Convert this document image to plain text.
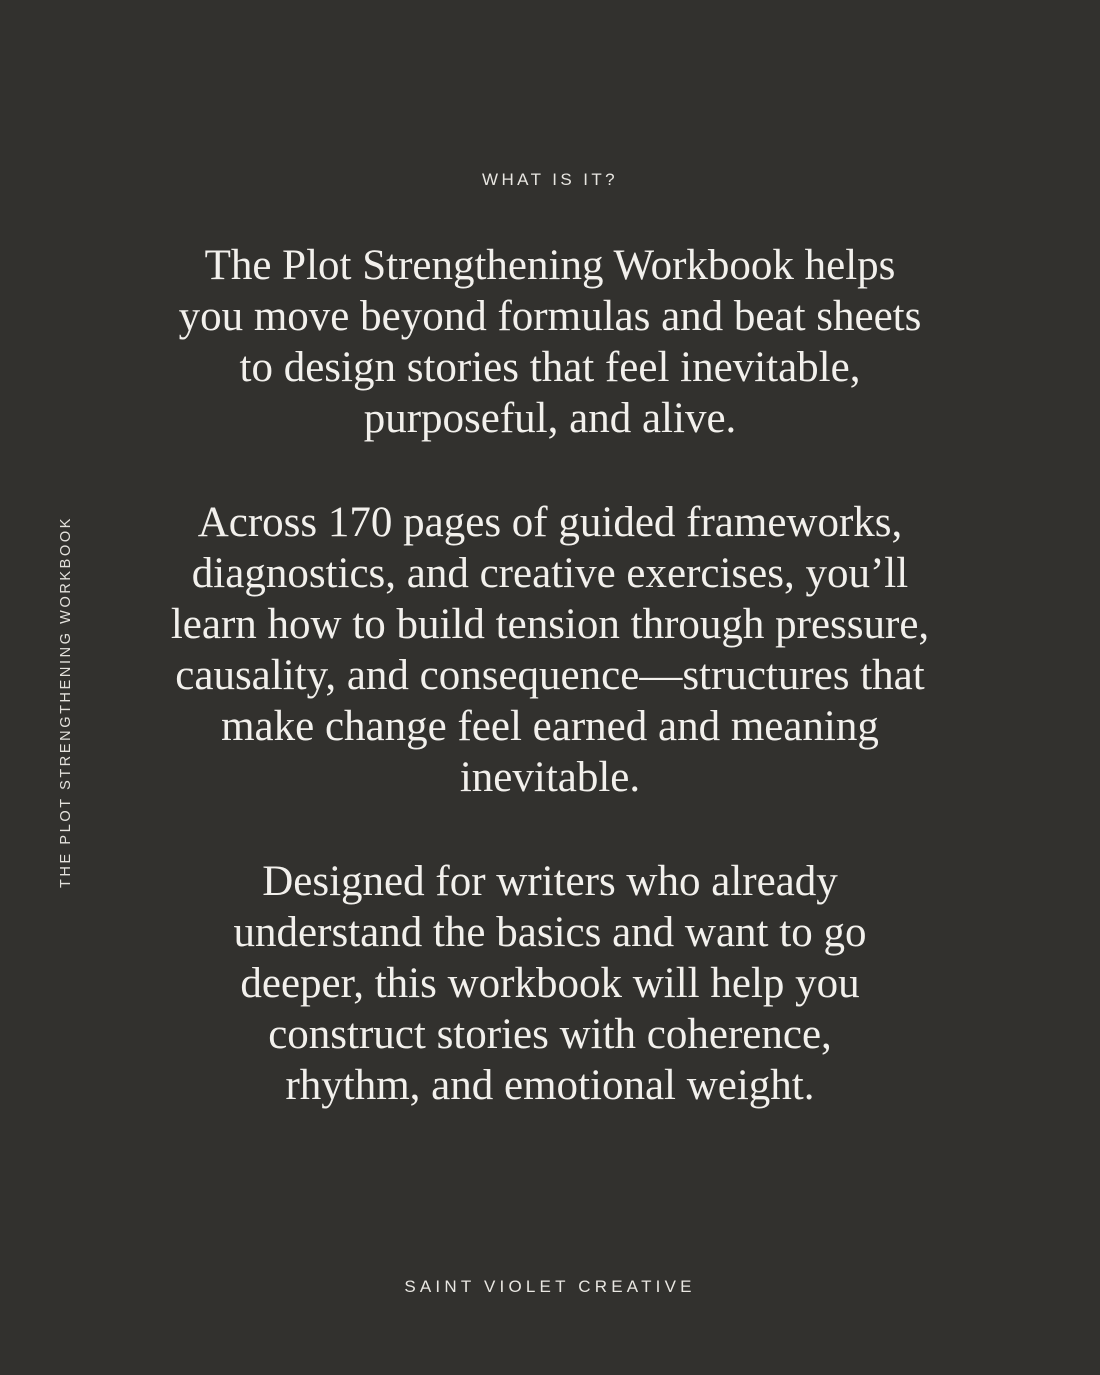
WHAT IS IT?
THE PLOT STRENGTHENING WORKBOOK

The Plot Strengthening Workbook helps you move beyond formulas and beat sheets to design stories that feel inevitable, purposeful, and alive.

Across 170 pages of guided frameworks, diagnostics, and creative exercises, you’ll learn how to build tension through pressure, causality, and consequence—structures that make change feel earned and meaning inevitable.

Designed for writers who already understand the basics and want to go deeper, this workbook will help you construct stories with coherence, rhythm, and emotional weight.

SAINT VIOLET CREATIVE
